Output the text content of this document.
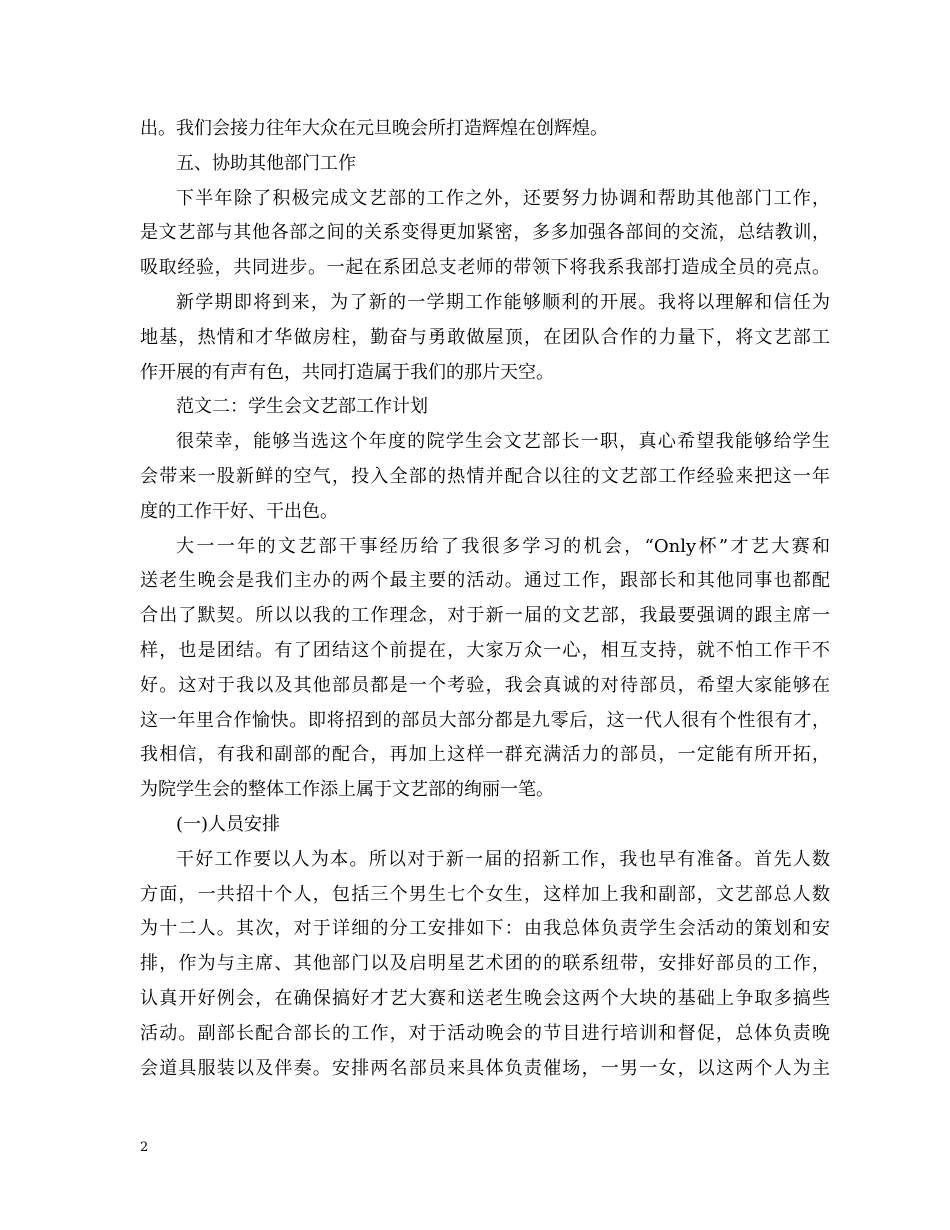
出。我们会接力往年大众在元旦晚会所打造辉煌在创辉煌。
五、协助其他部门工作
下半年除了积极完成文艺部的工作之外，还要努力协调和帮助其他部门工作，
是文艺部与其他各部之间的关系变得更加紧密，多多加强各部间的交流，总结教训，
吸取经验，共同进步。一起在系团总支老师的带领下将我系我部打造成全员的亮点。
新学期即将到来，为了新的一学期工作能够顺利的开展。我将以理解和信任为
地基，热情和才华做房柱，勤奋与勇敢做屋顶，在团队合作的力量下，将文艺部工
作开展的有声有色，共同打造属于我们的那片天空。
范文二：学生会文艺部工作计划
很荣幸，能够当选这个年度的院学生会文艺部长一职，真心希望我能够给学生
会带来一股新鲜的空气，投入全部的热情并配合以往的文艺部工作经验来把这一年
度的工作干好、干出色。
大一一年的文艺部干事经历给了我很多学习的机会，“Only杯”才艺大赛和
送老生晚会是我们主办的两个最主要的活动。通过工作，跟部长和其他同事也都配
合出了默契。所以以我的工作理念，对于新一届的文艺部，我最要强调的跟主席一
样，也是团结。有了团结这个前提在，大家万众一心，相互支持，就不怕工作干不
好。这对于我以及其他部员都是一个考验，我会真诚的对待部员，希望大家能够在
这一年里合作愉快。即将招到的部员大部分都是九零后，这一代人很有个性很有才，
我相信，有我和副部的配合，再加上这样一群充满活力的部员，一定能有所开拓，
为院学生会的整体工作添上属于文艺部的绚丽一笔。
(一)人员安排
干好工作要以人为本。所以对于新一届的招新工作，我也早有准备。首先人数
方面，一共招十个人，包括三个男生七个女生，这样加上我和副部，文艺部总人数
为十二人。其次，对于详细的分工安排如下：由我总体负责学生会活动的策划和安
排，作为与主席、其他部门以及启明星艺术团的的联系纽带，安排好部员的工作，
认真开好例会，在确保搞好才艺大赛和送老生晚会这两个大块的基础上争取多搞些
活动。副部长配合部长的工作，对于活动晚会的节目进行培训和督促，总体负责晚
会道具服装以及伴奏。安排两名部员来具体负责催场，一男一女，以这两个人为主
2
